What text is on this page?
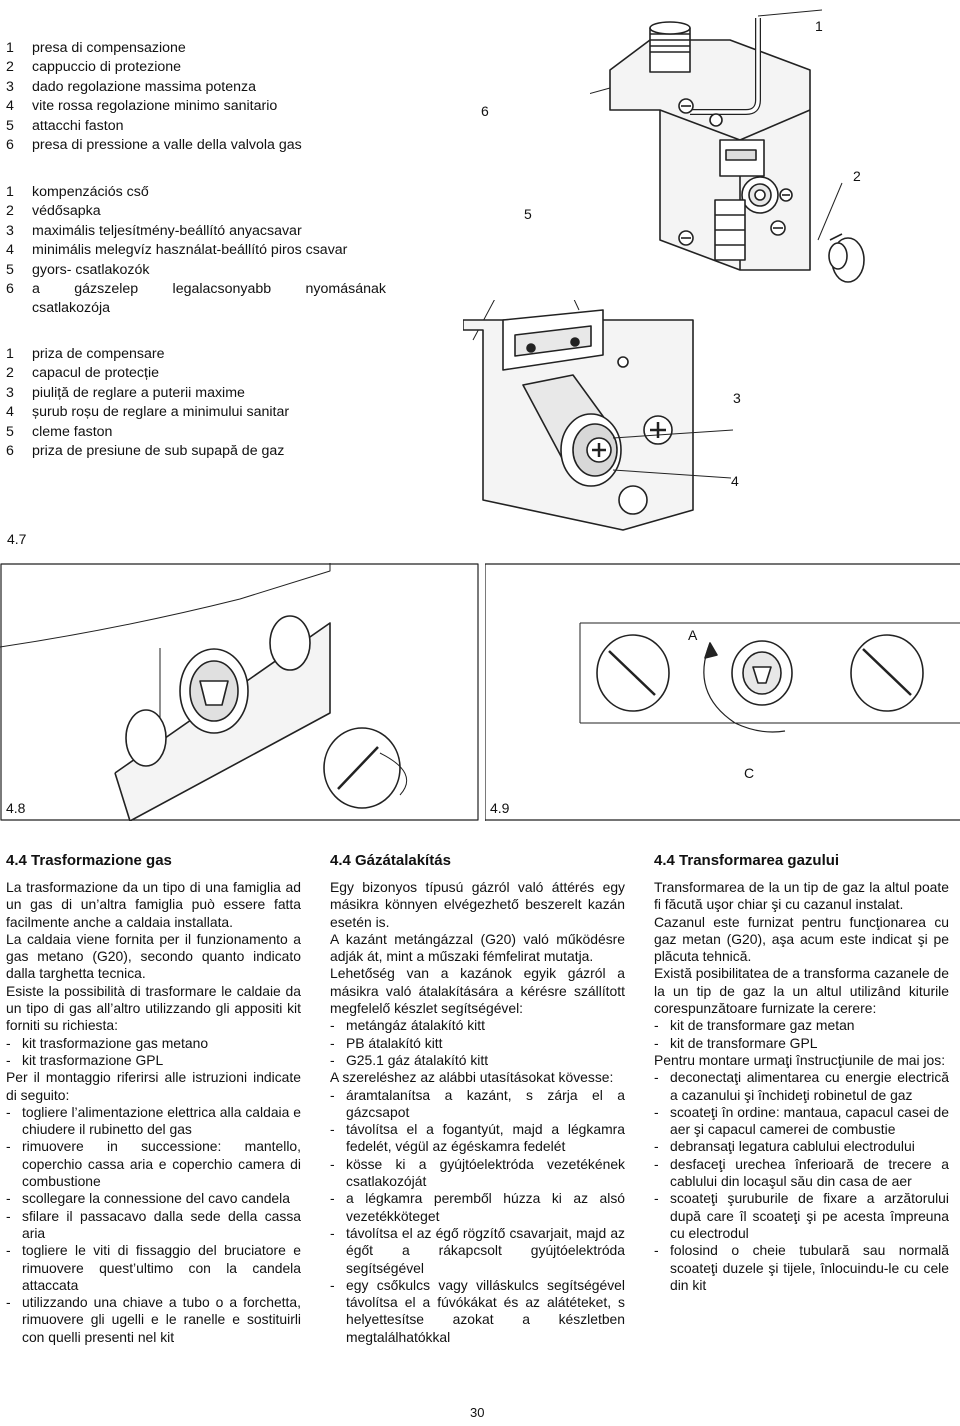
1	presa di compensazione
2	cappuccio di protezione
3	dado regolazione massima potenza
4	vite rossa regolazione minimo sanitario
5	attacchi faston
6	presa di pressione a valle della valvola gas
1	kompenzációs cső
2	védősapka
3	maximális teljesítmény-beállító anyacsavar
4	minimális melegvíz használat-beállító piros csavar
5	gyors- csatlakozók
6	a gázszelep legalacsonyabb nyomásának
csatlakozója
1	priza de compensare
2	capacul de protecție
3	piuliță de reglare a puterii maxime
4	șurub roșu de reglare a minimului sanitar
5	cleme faston
6	priza de presiune de sub supapă de gaz
1
2
3
4
5
6
4.7
4.8
A
C
4.9
4.4 Trasformazione gas

La trasformazione da un tipo di una famiglia ad un gas di un’altra famiglia può essere fatta facilmente anche a caldaia installata.

La caldaia viene fornita per il funzionamento a gas metano (G20), secondo quanto indicato dalla targhetta tecnica.

Esiste la possibilità di trasformare le caldaie da un tipo di gas all’altro utilizzando gli appositi kit forniti su richiesta:

- kit trasformazione gas metano
- kit trasformazione GPL

Per il montaggio riferirsi alle istruzioni indicate di seguito:

- togliere l’alimentazione elettrica alla caldaia e chiudere il rubinetto del gas
- rimuovere in successione: mantello, coperchio cassa aria e coperchio camera di combustione
- scollegare la connessione del cavo candela
- sfilare il passacavo dalla sede della cassa aria
- togliere le viti di fissaggio del bruciatore e rimuovere quest’ultimo con la candela attaccata
- utilizzando una chiave a tubo o a forchetta, rimuovere gli ugelli e le ranelle e sostituirli con quelli presenti nel kit
4.4 Gázátalakítás

Egy bizonyos típusú gázról való áttérés egy másikra könnyen elvégezhető beszerelt kazán esetén is.

A kazánt metángázzal (G20) való működésre adják át, mint a műszaki fémfelirat mutatja.

Lehetőség van a kazánok egyik gázról a másikra való átalakítására a kérésre szállított megfelelő készlet segítségével:

- metángáz átalakító kitt
- PB átalakító kitt
- G25.1 gáz átalakító kitt

A szereléshez az alábbi utasításokat kövesse:

- áramtalanítsa a kazánt, s zárja el a gázcsapot
- távolítsa el a fogantyút, majd a légkamra fedelét, végül az égéskamra fedelét
- kösse ki a gyújtóelektróda vezetékének csatlakozóját
- a légkamra peremből húzza ki az alsó vezetékköteget
- távolítsa el az égő rögzítő csavarjait, majd az égőt a rákapcsolt gyújtóelektróda segítségével
- egy csőkulcs vagy villáskulcs segítségével távolítsa el a fúvókákat és az alátéteket, s helyettesítse azokat a készletben megtalálhatókkal
4.4 Transformarea gazului

Transformarea de la un tip de gaz la altul poate fi făcută uşor chiar şi cu cazanul instalat.

Cazanul este furnizat pentru funcţionarea cu gaz metan (G20), aşa acum este indicat şi pe plăcuta tehnică.

Există posibilitatea de a transforma cazanele de la un tip de gaz la un altul utilizând kiturile corespunzătoare furnizate la cerere:

- kit de transformare gaz metan
- kit de transformare GPL

Pentru montare urmaţi înstrucţiunile de mai jos:

- deconectaţi alimentarea cu energie electrică a cazanului şi închideţi robinetul de gaz
- scoateţi în ordine: mantaua, capacul casei de aer şi capacul camerei de combustie
- debransaţi legatura cablului electrodului
- desfaceţi urechea înferioară de trecere a cablului din locaşul său din casa de aer
- scoateţi şuruburile de fixare a arzătorului după care îl scoateţi şi pe acesta împreuna cu electrodul
- folosind o cheie tubulară sau normală scoateţi duzele şi tijele, înlocuindu-le cu cele din kit
30
